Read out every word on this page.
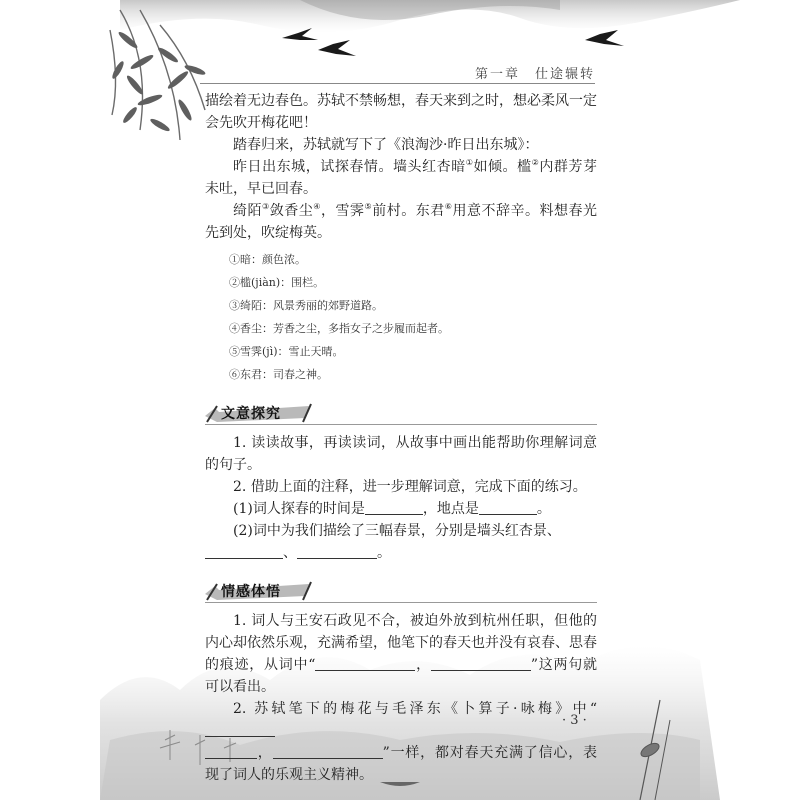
第一章　仕途辗转

描绘着无边春色。苏轼不禁畅想，春天来到之时，想必柔风一定会先吹开梅花吧！

踏春归来，苏轼就写下了《浪淘沙·昨日出东城》：

昨日出东城，试探春情。墙头红杏暗①如倾。槛②内群芳芽未吐，早已回春。

绮陌③敛香尘④，雪霁⑤前村。东君⑥用意不辞辛。料想春光先到处，吹绽梅英。

①暗：颜色浓。
②槛(jiàn)：围栏。
③绮陌：风景秀丽的郊野道路。
④香尘：芳香之尘，多指女子之步履而起者。
⑤雪霁(jì)：雪止天晴。
⑥东君：司春之神。
文意探究

1. 读读故事，再读读词，从故事中画出能帮助你理解词意的句子。

2. 借助上面的注释，进一步理解词意，完成下面的练习。

(1)词人探春的时间是	，地点是	。

(2)词中为我们描绘了三幅春景，分别是墙头红杏景、

、	。

情感体悟

1. 词人与王安石政见不合，被迫外放到杭州任职，但他的内心却依然乐观，充满希望，他笔下的春天也并没有哀春、思春的痕迹，从词中“	，	”这两句就可以看出。

2. 苏轼笔下的梅花与毛泽东《卜算子·咏梅》中“
，	”一样，都对春天充满了信心，表现了词人的乐观主义精神。

· 3 ·
